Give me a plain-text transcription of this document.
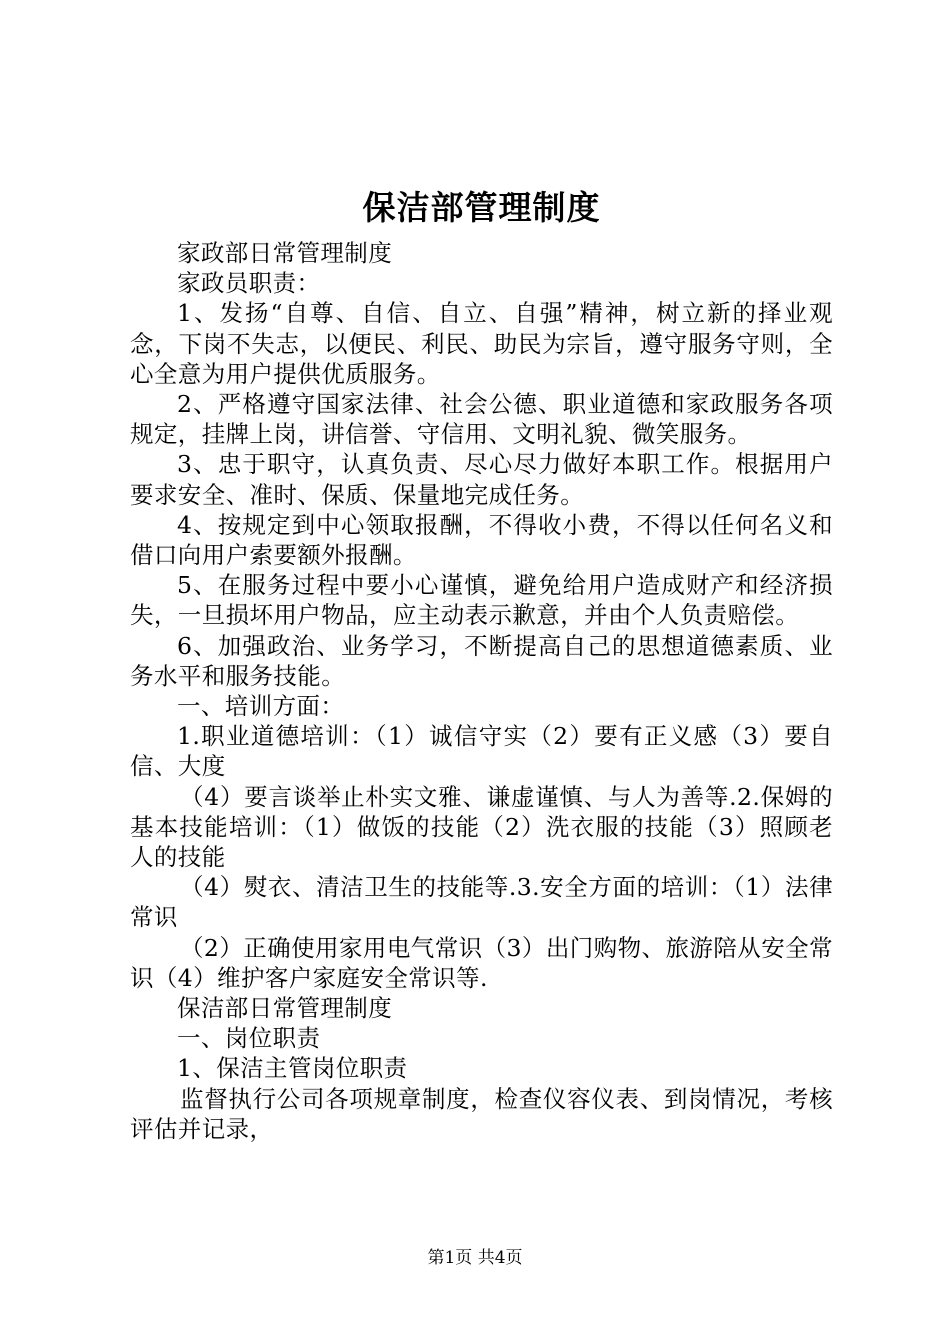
保洁部管理制度

家政部日常管理制度

家政员职责：

1、发扬“自尊、自信、自立、自强”精神，树立新的择业观念，下岗不失志，以便民、利民、助民为宗旨，遵守服务守则，全心全意为用户提供优质服务。

2、严格遵守国家法律、社会公德、职业道德和家政服务各项规定，挂牌上岗，讲信誉、守信用、文明礼貌、微笑服务。

3、忠于职守，认真负责、尽心尽力做好本职工作。根据用户要求安全、准时、保质、保量地完成任务。

4、按规定到中心领取报酬，不得收小费，不得以任何名义和借口向用户索要额外报酬。

5、在服务过程中要小心谨慎，避免给用户造成财产和经济损失，一旦损坏用户物品，应主动表示歉意，并由个人负责赔偿。

6、加强政治、业务学习，不断提高自己的思想道德素质、业务水平和服务技能。

一、培训方面：

1.职业道德培训：（1）诚信守实（2）要有正义感（3）要自信、大度

（4）要言谈举止朴实文雅、谦虚谨慎、与人为善等.2.保姆的基本技能培训：（1）做饭的技能（2）洗衣服的技能（3）照顾老人的技能

（4）熨衣、清洁卫生的技能等.3.安全方面的培训：（1）法律常识

（2）正确使用家用电气常识（3）出门购物、旅游陪从安全常识（4）维护客户家庭安全常识等.

保洁部日常管理制度

一、岗位职责

1、保洁主管岗位职责

监督执行公司各项规章制度，检查仪容仪表、到岗情况，考核评估并记录，

第1页 共4页
